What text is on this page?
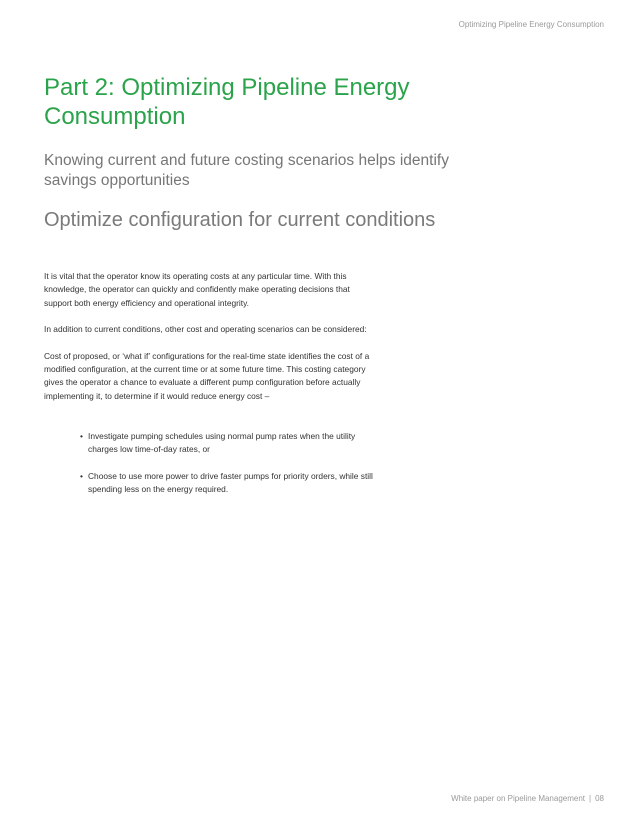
Optimizing Pipeline Energy Consumption
Part 2: Optimizing Pipeline Energy Consumption
Knowing current and future costing scenarios helps identify savings opportunities
Optimize configuration for current conditions

It is vital that the operator know its operating costs at any particular time. With this knowledge, the operator can quickly and confidently make operating decisions that support both energy efficiency and operational integrity.

In addition to current conditions, other cost and operating scenarios can be considered:

Cost of proposed, or ‘what if’ configurations for the real-time state identifies the cost of a modified configuration, at the current time or at some future time. This costing category gives the operator a chance to evaluate a different pump configuration before actually implementing it, to determine if it would reduce energy cost –

• Investigate pumping schedules using normal pump rates when the utility charges low time-of-day rates, or
• Choose to use more power to drive faster pumps for priority orders, while still spending less on the energy required.
White paper on Pipeline Management | 08
